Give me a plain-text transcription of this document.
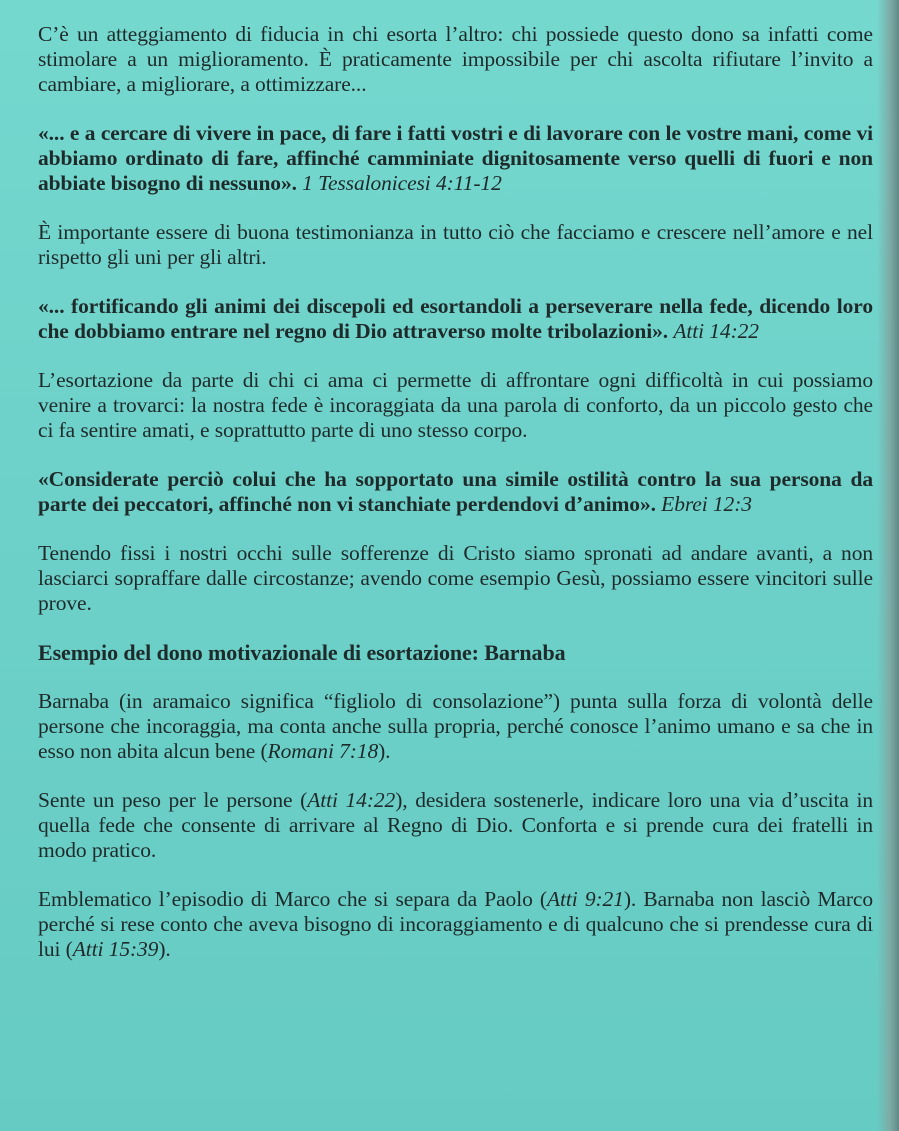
C’è un atteggiamento di fiducia in chi esorta l’altro: chi possiede questo dono sa infatti come stimolare a un miglioramento. È praticamente impossibile per chi ascolta rifiutare l’invito a cambiare, a migliorare, a ottimizzare...

«... e a cercare di vivere in pace, di fare i fatti vostri e di lavorare con le vostre mani, come vi abbiamo ordinato di fare, affinché camminiate dignitosamente verso quelli di fuori e non abbiate bisogno di nessuno». 1 Tessalonicesi 4:11-12

È importante essere di buona testimonianza in tutto ciò che facciamo e crescere nell’amore e nel rispetto gli uni per gli altri.

«... fortificando gli animi dei discepoli ed esortandoli a perseverare nella fede, dicendo loro che dobbiamo entrare nel regno di Dio attraverso molte tribolazioni». Atti 14:22

L’esortazione da parte di chi ci ama ci permette di affrontare ogni difficoltà in cui possiamo venire a trovarci: la nostra fede è incoraggiata da una parola di conforto, da un piccolo gesto che ci fa sentire amati, e soprattutto parte di uno stesso corpo.

«Considerate perciò colui che ha sopportato una simile ostilità contro la sua persona da parte dei peccatori, affinché non vi stanchiate perdendovi d’animo». Ebrei 12:3

Tenendo fissi i nostri occhi sulle sofferenze di Cristo siamo spronati ad andare avanti, a non lasciarci sopraffare dalle circostanze; avendo come esempio Gesù, possiamo essere vincitori sulle prove.

Esempio del dono motivazionale di esortazione: Barnaba

Barnaba (in aramaico significa “figliolo di consolazione”) punta sulla forza di volontà delle persone che incoraggia, ma conta anche sulla propria, perché conosce l’animo umano e sa che in esso non abita alcun bene (Romani 7:18).

Sente un peso per le persone (Atti 14:22), desidera sostenerle, indicare loro una via d’uscita in quella fede che consente di arrivare al Regno di Dio. Conforta e si prende cura dei fratelli in modo pratico.

Emblematico l’episodio di Marco che si separa da Paolo (Atti 9:21). Barnaba non lasciò Marco perché si rese conto che aveva bisogno di incoraggiamento e di qualcuno che si prendesse cura di lui (Atti 15:39).
